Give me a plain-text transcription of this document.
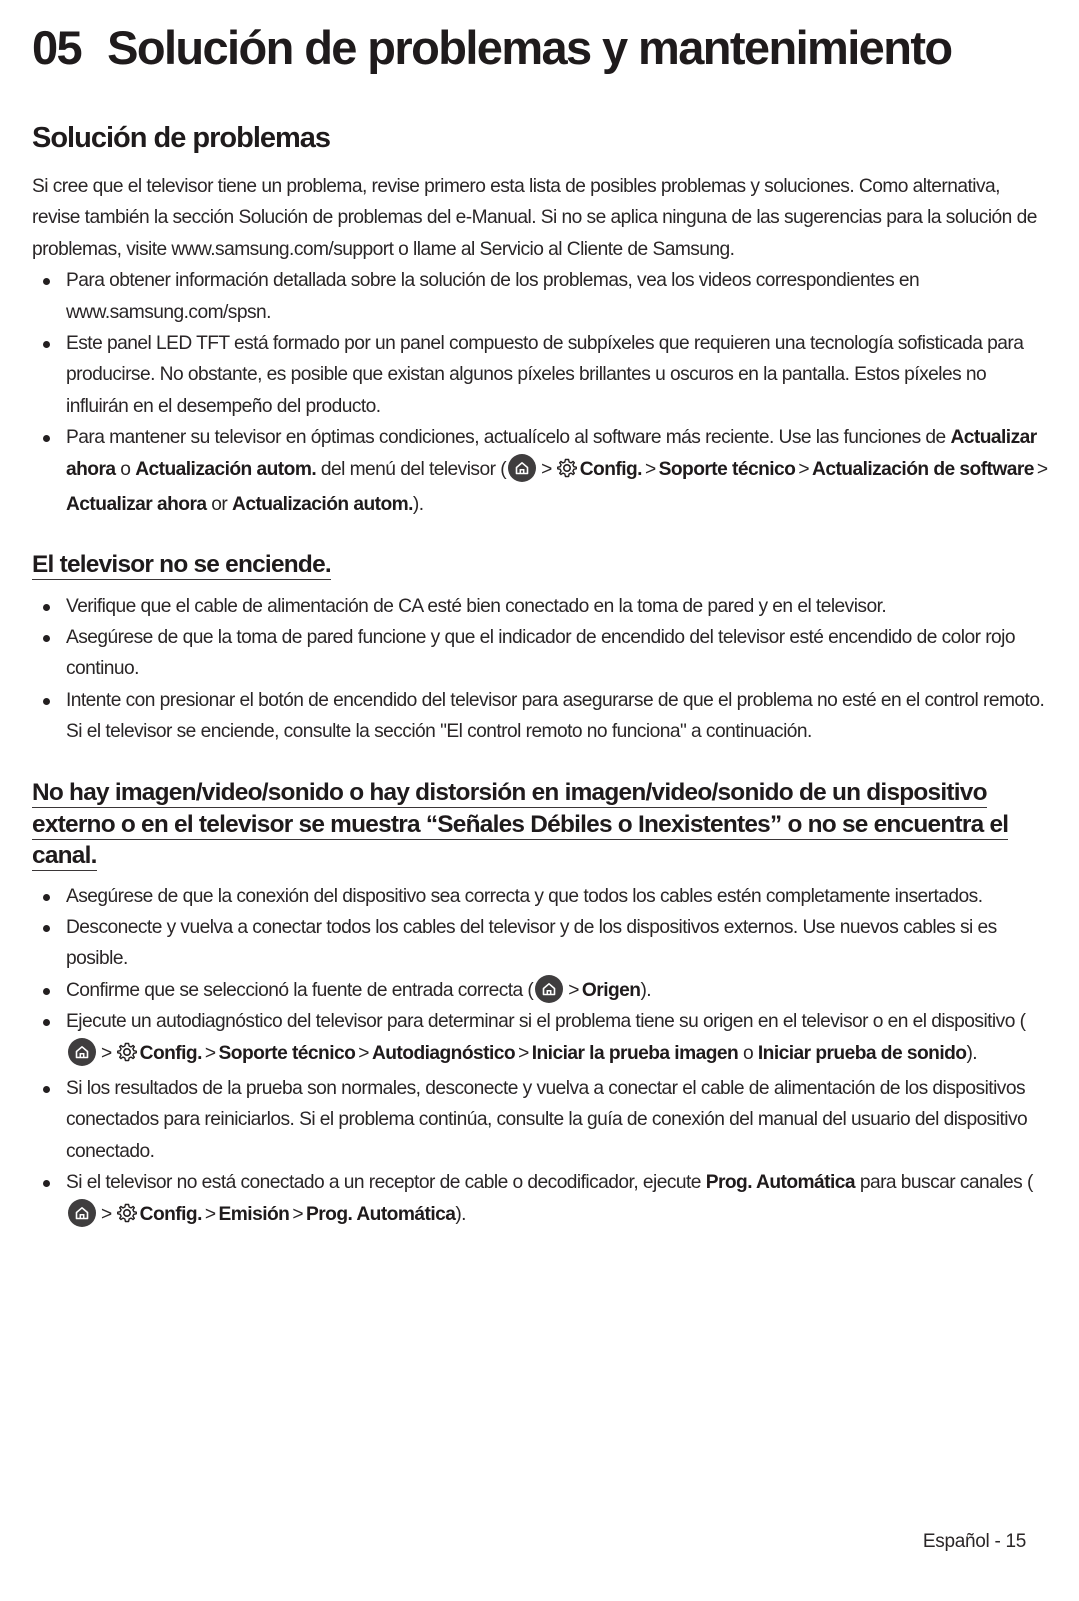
05 Solución de problemas y mantenimiento
Solución de problemas

Si cree que el televisor tiene un problema, revise primero esta lista de posibles problemas y soluciones. Como alternativa, revise también la sección Solución de problemas del e-Manual. Si no se aplica ninguna de las sugerencias para la solución de problemas, visite www.samsung.com/support o llame al Servicio al Cliente de Samsung.

Para obtener información detallada sobre la solución de los problemas, vea los videos correspondientes en www.samsung.com/spsn.
Este panel LED TFT está formado por un panel compuesto de subpíxeles que requieren una tecnología sofisticada para producirse. No obstante, es posible que existan algunos píxeles brillantes u oscuros en la pantalla. Estos píxeles no influirán en el desempeño del producto.
Para mantener su televisor en óptimas condiciones, actualícelo al software más reciente. Use las funciones de Actualizar ahora o Actualización autom. del menú del televisor ( > Config. > Soporte técnico > Actualización de software >Actualizar ahora or Actualización autom.).
El televisor no se enciende.
Verifique que el cable de alimentación de CA esté bien conectado en la toma de pared y en el televisor.
Asegúrese de que la toma de pared funcione y que el indicador de encendido del televisor esté encendido de color rojo continuo.
Intente con presionar el botón de encendido del televisor para asegurarse de que el problema no esté en el control remoto. Si el televisor se enciende, consulte la sección "El control remoto no funciona" a continuación.
No hay imagen/video/sonido o hay distorsión en imagen/video/sonido de un dispositivo
externo o en el televisor se muestra “Señales Débiles o Inexistentes” o no se encuentra el
canal.
Asegúrese de que la conexión del dispositivo sea correcta y que todos los cables estén completamente insertados.
Desconecte y vuelva a conectar todos los cables del televisor y de los dispositivos externos. Use nuevos cables si es posible.
Confirme que se seleccionó la fuente de entrada correcta ( > Origen).
Ejecute un autodiagnóstico del televisor para determinar si el problema tiene su origen en el televisor o en el dispositivo (
> Config. > Soporte técnico > Autodiagnóstico > Iniciar la prueba imagen o Iniciar prueba de sonido).
Si los resultados de la prueba son normales, desconecte y vuelva a conectar el cable de alimentación de los dispositivos conectados para reiniciarlos. Si el problema continúa, consulte la guía de conexión del manual del usuario del dispositivo conectado.
Si el televisor no está conectado a un receptor de cable o decodificador, ejecute Prog. Automática para buscar canales (
> Config. > Emisión > Prog. Automática).
Español - 15
